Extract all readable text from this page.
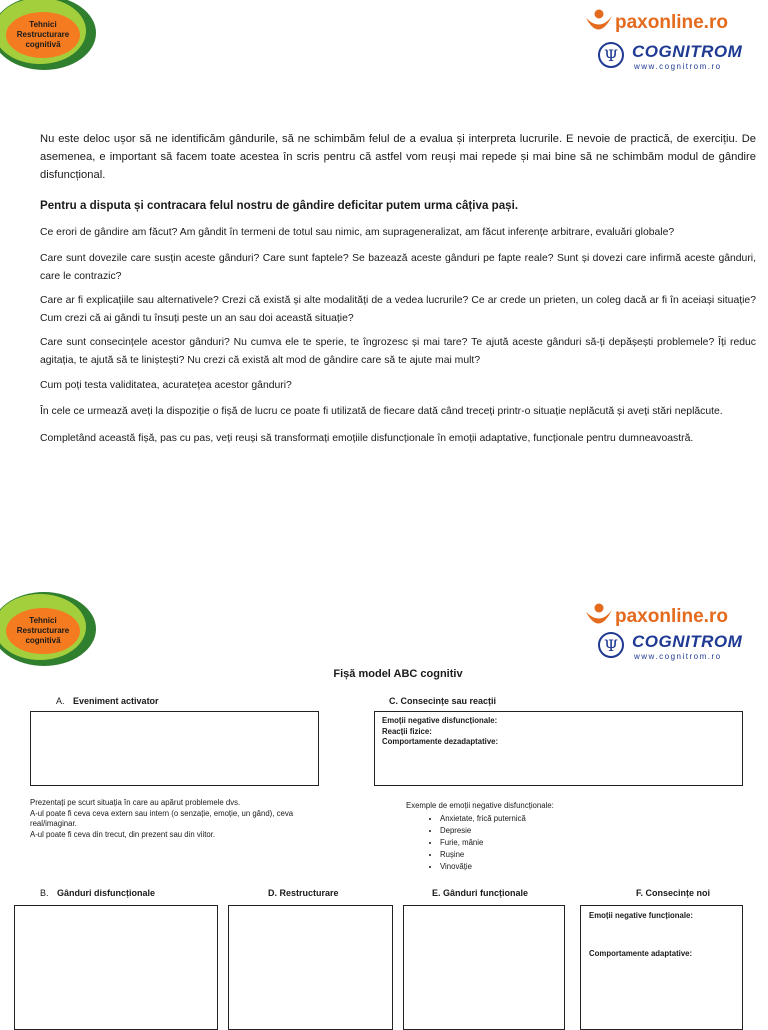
Tehnici
Restructurare
cognitivă
paxonline.ro
Ψ COGNITROM
www.cognitrom.ro
Nu este deloc ușor să ne identificăm gândurile, să ne schimbăm felul de a evalua și interpreta lucrurile. E nevoie de practică, de exercițiu. De asemenea, e important să facem toate acestea în scris pentru că astfel vom reuși mai repede și mai bine să ne schimbăm modul de gândire disfuncțional.
Pentru a disputa și contracara felul nostru de gândire deficitar putem urma câțiva pași.
Ce erori de gândire am făcut? Am gândit în termeni de totul sau nimic, am suprageneralizat, am făcut inferențe arbitrare, evaluări globale?
Care sunt dovezile care susțin aceste gânduri? Care sunt faptele? Se bazează aceste gânduri pe fapte reale? Sunt și dovezi care infirmă aceste gânduri, care le contrazic?
Care ar fi explicațiile sau alternativele? Crezi că există și alte modalități de a vedea lucrurile? Ce ar crede un prieten, un coleg dacă ar fi în aceiași situație? Cum crezi că ai gândi tu însuți peste un an sau doi această situație?
Care sunt consecințele acestor gânduri? Nu cumva ele te sperie, te îngrozesc și mai tare? Te ajută aceste gânduri să-ți depășești problemele? Îți reduc agitația, te ajută să te liniștești? Nu crezi că există alt mod de gândire care să te ajute mai mult?
Cum poți testa validitatea, acuratețea acestor gânduri?
În cele ce urmează aveți la dispoziție o fișă de lucru ce poate fi utilizată de fiecare dată când treceți printr-o situație neplăcută și aveți stări neplăcute.
Completând această fișă, pas cu pas, veți reuși să transformați emoțiile disfuncționale în emoții adaptative, funcționale pentru dumneavoastră.
Tehnici
Restructurare
cognitivă
paxonline.ro
Ψ COGNITROM
www.cognitrom.ro
Fișă model ABC cognitiv
A. Eveniment activator	C. Consecințe sau reacții
Emoții negative disfuncționale:
Reacții fizice:
Comportamente dezadaptative:
Prezentați pe scurt situația în care au apărut problemele dvs.
A-ul poate fi ceva ceva extern sau intern (o senzație, emoție, un gând), ceva real/imaginar.
A-ul poate fi ceva din trecut, din prezent sau din viitor.
Exemple de emoții negative disfuncționale:
• Anxietate, frică puternică
• Depresie
• Furie, mânie
• Rușine
• Vinovăție
B. Gânduri disfuncționale	D. Restructurare	E. Gânduri funcționale	F. Consecințe noi
Emoții negative funcționale:
Comportamente adaptative:
